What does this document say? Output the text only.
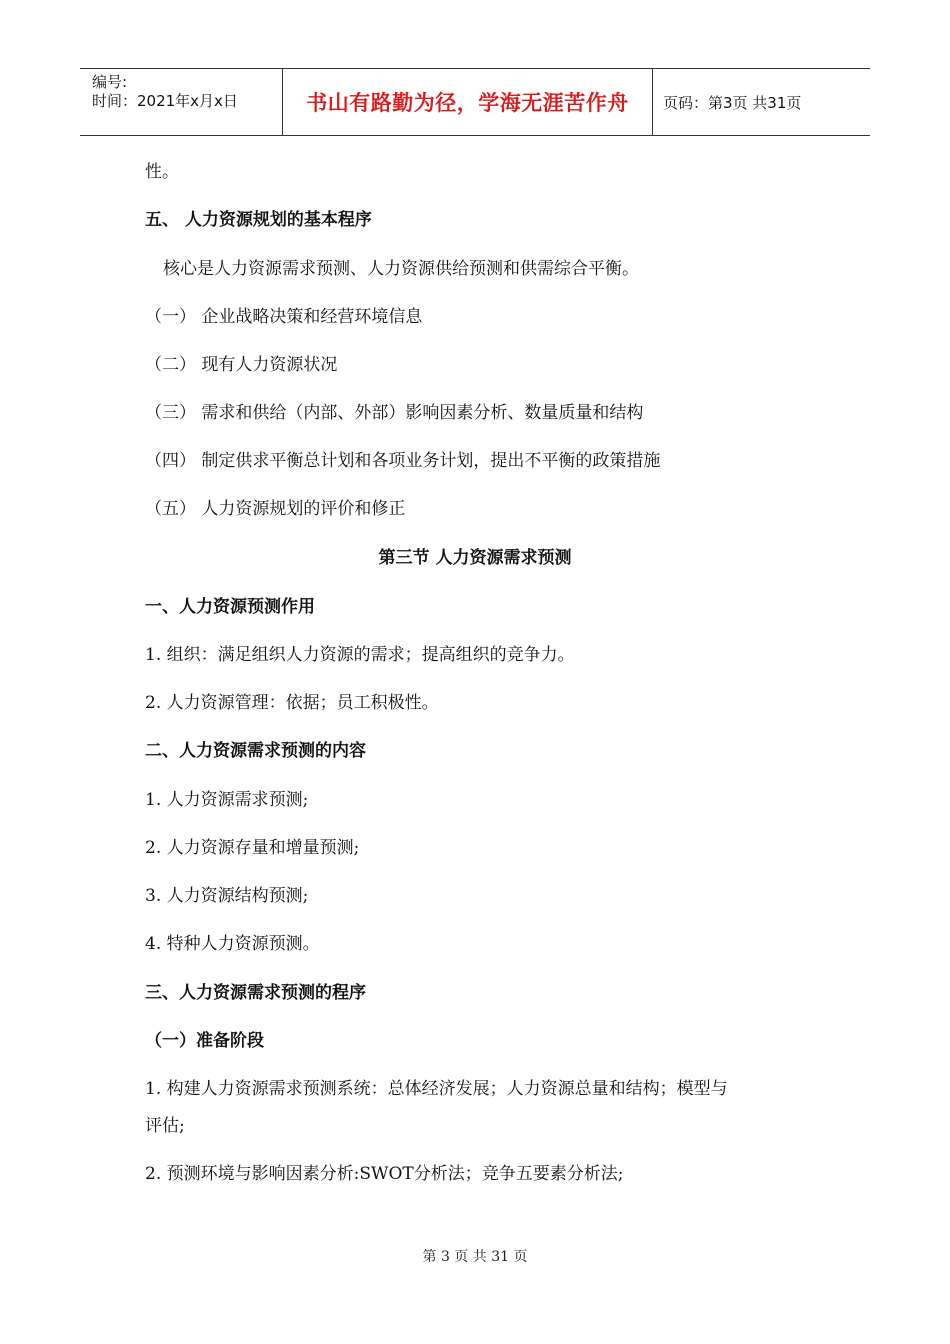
编号:
时间：2021年x月x日	书山有路勤为径，学海无涯苦作舟	页码：第3页 共31页
性。
五、 人力资源规划的基本程序
核心是人力资源需求预测、人力资源供给预测和供需综合平衡。
（一） 企业战略决策和经营环境信息
（二） 现有人力资源状况
（三） 需求和供给（内部、外部）影响因素分析、数量质量和结构
（四） 制定供求平衡总计划和各项业务计划，提出不平衡的政策措施
（五） 人力资源规划的评价和修正
第三节 人力资源需求预测
一、人力资源预测作用
1. 组织：满足组织人力资源的需求；提高组织的竞争力。
2. 人力资源管理：依据；员工积极性。
二、人力资源需求预测的内容
1. 人力资源需求预测;
2. 人力资源存量和增量预测;
3. 人力资源结构预测;
4. 特种人力资源预测。
三、人力资源需求预测的程序
（一）准备阶段
1. 构建人力资源需求预测系统：总体经济发展；人力资源总量和结构；模型与
评估;
2. 预测环境与影响因素分析:SWOT分析法；竞争五要素分析法;
第 3 页 共 31 页
